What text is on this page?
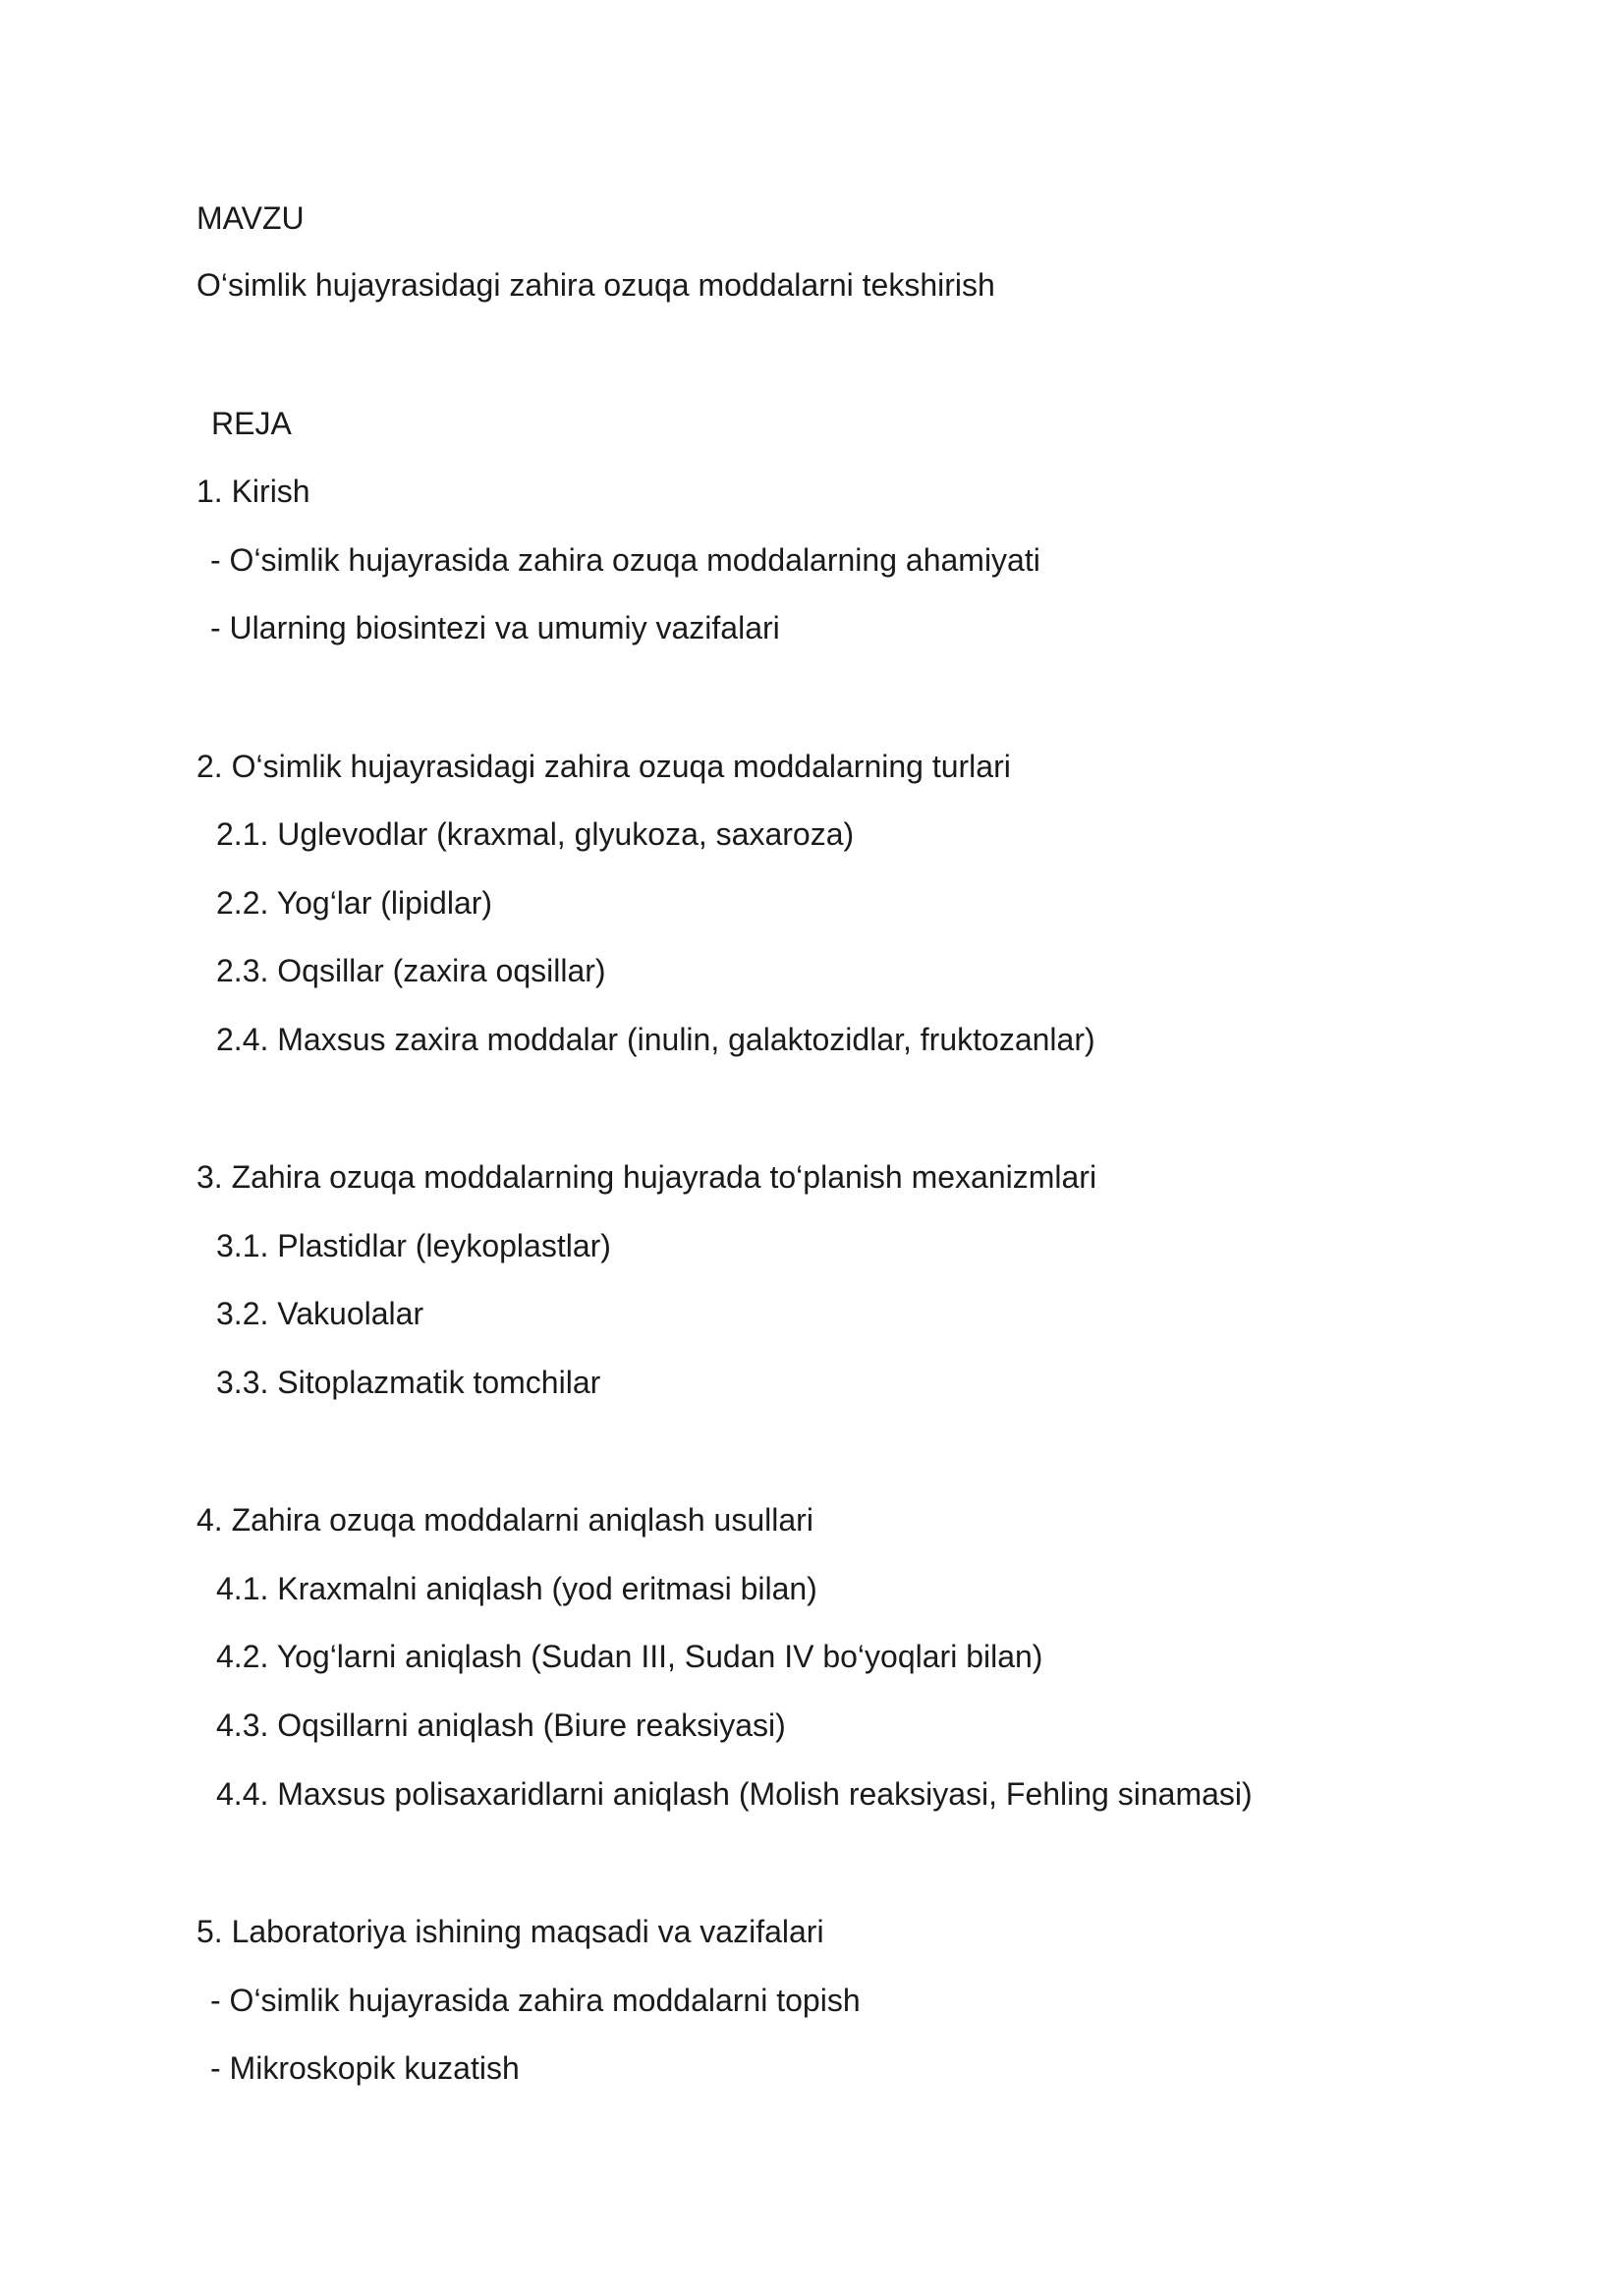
MAVZU
O‘simlik hujayrasidagi zahira ozuqa moddalarni tekshirish
REJA
1. Kirish
- O‘simlik hujayrasida zahira ozuqa moddalarning ahamiyati
- Ularning biosintezi va umumiy vazifalari
2. O‘simlik hujayrasidagi zahira ozuqa moddalarning turlari
2.1. Uglevodlar (kraxmal, glyukoza, saxaroza)
2.2. Yog‘lar (lipidlar)
2.3. Oqsillar (zaxira oqsillar)
2.4. Maxsus zaxira moddalar (inulin, galaktozidlar, fruktozanlar)
3. Zahira ozuqa moddalarning hujayrada to‘planish mexanizmlari
3.1. Plastidlar (leykoplastlar)
3.2. Vakuolalar
3.3. Sitoplazmatik tomchilar
4. Zahira ozuqa moddalarni aniqlash usullari
4.1. Kraxmalni aniqlash (yod eritmasi bilan)
4.2. Yog‘larni aniqlash (Sudan III, Sudan IV bo‘yoqlari bilan)
4.3. Oqsillarni aniqlash (Biure reaksiyasi)
4.4. Maxsus polisaxaridlarni aniqlash (Molish reaksiyasi, Fehling sinamasi)
5. Laboratoriya ishining maqsadi va vazifalari
- O‘simlik hujayrasida zahira moddalarni topish
- Mikroskopik kuzatish
